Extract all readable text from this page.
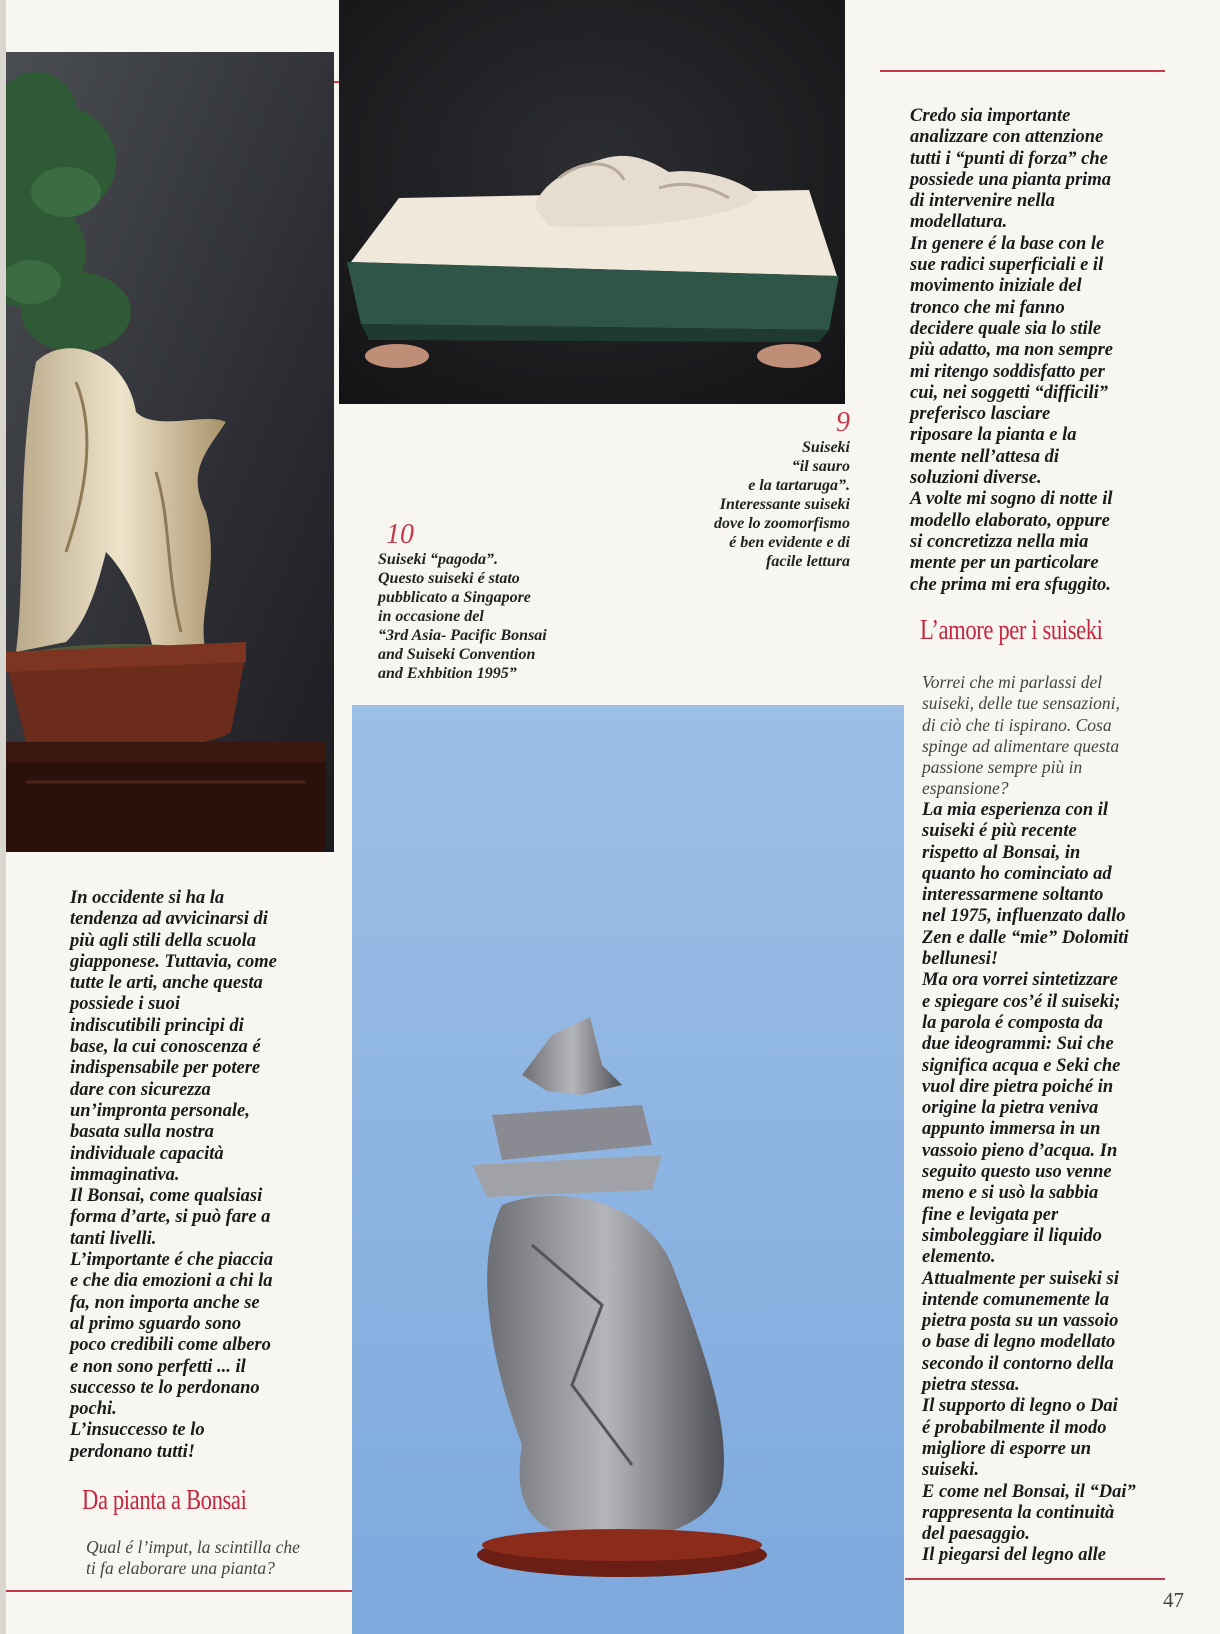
9
Suiseki
“il sauro
e la tartaruga”.
Interessante suiseki
dove lo zoomorfismo
é ben evidente e di
facile lettura
10
Suiseki “pagoda”.
Questo suiseki é stato
pubblicato a Singapore
in occasione del
“3rd Asia- Pacific Bonsai
and Suiseki Convention
and Exhbition 1995”

In occidente si ha la

tendenza ad avvicinarsi di

più agli stili della scuola

giapponese. Tuttavia, come

tutte le arti, anche questa

possiede i suoi

indiscutibili principi di

base, la cui conoscenza é

indispensabile per potere

dare con sicurezza

un’impronta personale,

basata sulla nostra

individuale capacità

immaginativa.

Il Bonsai, come qualsiasi

forma d’arte, si può fare a

tanti livelli.

L’importante é che piaccia

e che dia emozioni a chi la

fa, non importa anche se

al primo sguardo sono

poco credibili come albero

e non sono perfetti ... il

successo te lo perdonano

pochi.

L’insuccesso te lo

perdonano tutti!

Da pianta a Bonsai

Qual é l’imput, la scintilla che

ti fa elaborare una pianta?

Credo sia importante

analizzare con attenzione

tutti i “punti di forza” che

possiede una pianta prima

di intervenire nella

modellatura.

In genere é la base con le

sue radici superficiali e il

movimento iniziale del

tronco che mi fanno

decidere quale sia lo stile

più adatto, ma non sempre

mi ritengo soddisfatto per

cui, nei soggetti “difficili”

preferisco lasciare

riposare la pianta e la

mente nell’attesa di

soluzioni diverse.

A volte mi sogno di notte il

modello elaborato, oppure

si concretizza nella mia

mente per un particolare

che prima mi era sfuggito.

L’amore per i suiseki

Vorrei che mi parlassi del

suiseki, delle tue sensazioni,

di ciò che ti ispirano. Cosa

spinge ad alimentare questa

passione sempre più in

espansione?

La mia esperienza con il

suiseki é più recente

rispetto al Bonsai, in

quanto ho cominciato ad

interessarmene soltanto

nel 1975, influenzato dallo

Zen e dalle “mie” Dolomiti

bellunesi!

Ma ora vorrei sintetizzare

e spiegare cos’é il suiseki;

la parola é composta da

due ideogrammi: Sui che

significa acqua e Seki che

vuol dire pietra poiché in

origine la pietra veniva

appunto immersa in un

vassoio pieno d’acqua. In

seguito questo uso venne

meno e si usò la sabbia

fine e levigata per

simboleggiare il liquido

elemento.

Attualmente per suiseki si

intende comunemente la

pietra posta su un vassoio

o base di legno modellato

secondo il contorno della

pietra stessa.

Il supporto di legno o Dai

é probabilmente il modo

migliore di esporre un

suiseki.

E come nel Bonsai, il “Dai”

rappresenta la continuità

del paesaggio.

Il piegarsi del legno alle

47
